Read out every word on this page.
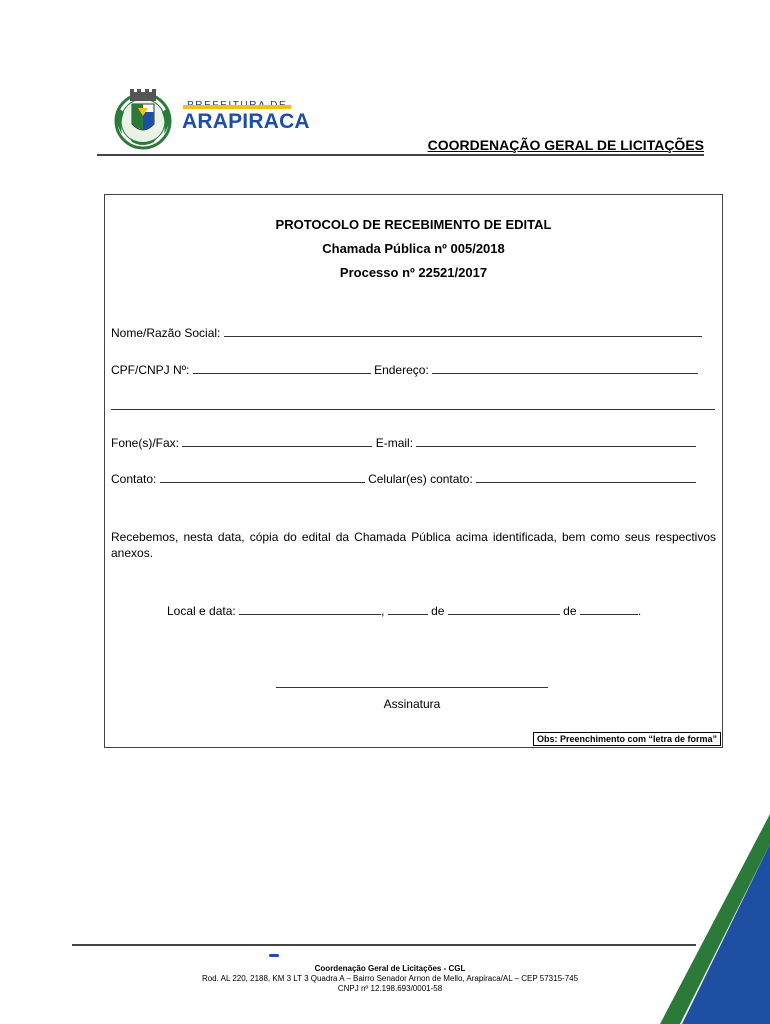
ARAPIRACA
COORDENAÇÃO GERAL DE LICITAÇÕES
PROTOCOLO DE RECEBIMENTO DE EDITAL
Chamada Pública nº 005/2018
Processo nº 22521/2017
Nome/Razão Social:
CPF/CNPJ Nº:	Endereço:
Fone(s)/Fax:	E-mail:
Contato:	Celular(es) contato:
Recebemos, nesta data, cópia do edital da Chamada Pública acima identificada, bem como seus respectivos anexos.
Local e data:	,	de	de	.
Assinatura
Obs: Preenchimento com “letra de forma”
Coordenação Geral de Licitações - CGL
Rod. AL 220, 2188, KM 3 LT 3 Quadra A – Bairro Senador Arnon de Mello, Arapiraca/AL – CEP 57315-745
CNPJ nº 12.198.693/0001-58
